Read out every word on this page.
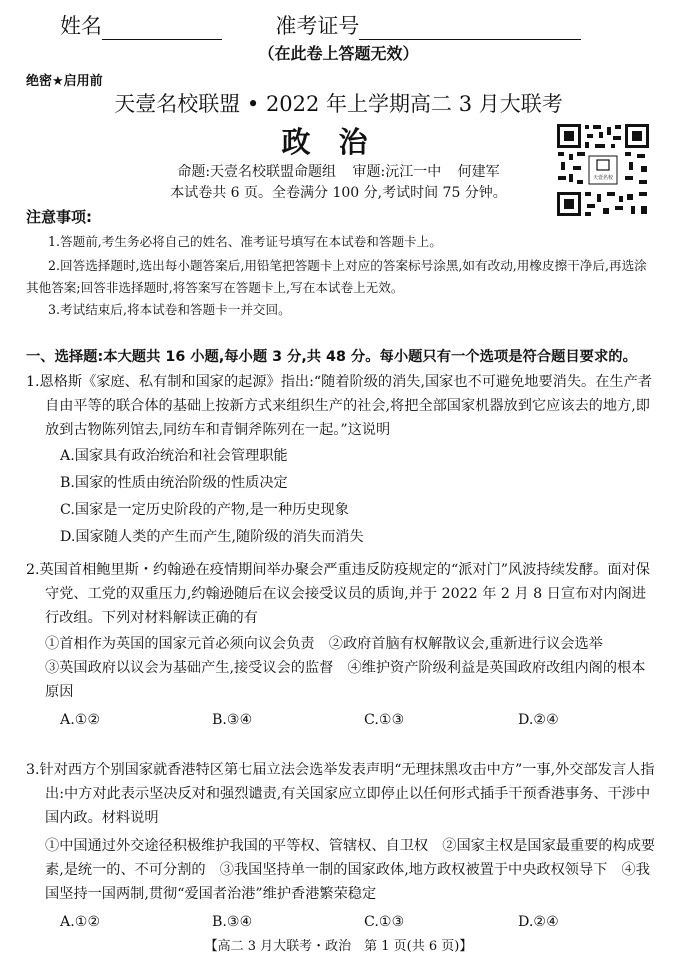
姓名	准考证号
（在此卷上答题无效）
绝密★启用前
天壹名校联盟 • 2022 年上学期高二 3 月大联考
政治
命题:天壹名校联盟命题组 审题:沅江一中 何建军
本试卷共 6 页。全卷满分 100 分,考试时间 75 分钟。
天壹名校
注意事项:
1.答题前,考生务必将自己的姓名、准考证号填写在本试卷和答题卡上。
2.回答选择题时,选出每小题答案后,用铅笔把答题卡上对应的答案标号涂黑,如有改动,用橡皮擦干净后,再选涂其他答案;回答非选择题时,将答案写在答题卡上,写在本试卷上无效。
3.考试结束后,将本试卷和答题卡一并交回。
一、选择题:本大题共 16 小题,每小题 3 分,共 48 分。每小题只有一个选项是符合题目要求的。

1.恩格斯《家庭、私有制和国家的起源》指出:“随着阶级的消失,国家也不可避免地要消失。在生产者自由平等的联合体的基础上按新方式来组织生产的社会,将把全部国家机器放到它应该去的地方,即放到古物陈列馆去,同纺车和青铜斧陈列在一起。”这说明

A.国家具有政治统治和社会管理职能

B.国家的性质由统治阶级的性质决定

C.国家是一定历史阶段的产物,是一种历史现象

D.国家随人类的产生而产生,随阶级的消失而消失

2.英国首相鲍里斯・约翰逊在疫情期间举办聚会严重违反防疫规定的“派对门”风波持续发酵。面对保守党、工党的双重压力,约翰逊随后在议会接受议员的质询,并于 2022 年 2 月 8 日宣布对内阁进行改组。下列对材料解读正确的有

①首相作为英国的国家元首必须向议会负责　②政府首脑有权解散议会,重新进行议会选举

③英国政府以议会为基础产生,接受议会的监督　④维护资产阶级利益是英国政府改组内阁的根本原因

A.①②	B.③④	C.①③	D.②④

3.针对西方个别国家就香港特区第七届立法会选举发表声明“无理抹黑攻击中方”一事,外交部发言人指出:中方对此表示坚决反对和强烈谴责,有关国家应立即停止以任何形式插手干预香港事务、干涉中国内政。材料说明

①中国通过外交途径积极维护我国的平等权、管辖权、自卫权　②国家主权是国家最重要的构成要素,是统一的、不可分割的　③我国坚持单一制的国家政体,地方政权被置于中央政权领导下　④我国坚持一国两制,贯彻“爱国者治港”维护香港繁荣稳定

A.①②	B.③④	C.①③	D.②④
【高二 3 月大联考・政治　第 1 页(共 6 页)】
